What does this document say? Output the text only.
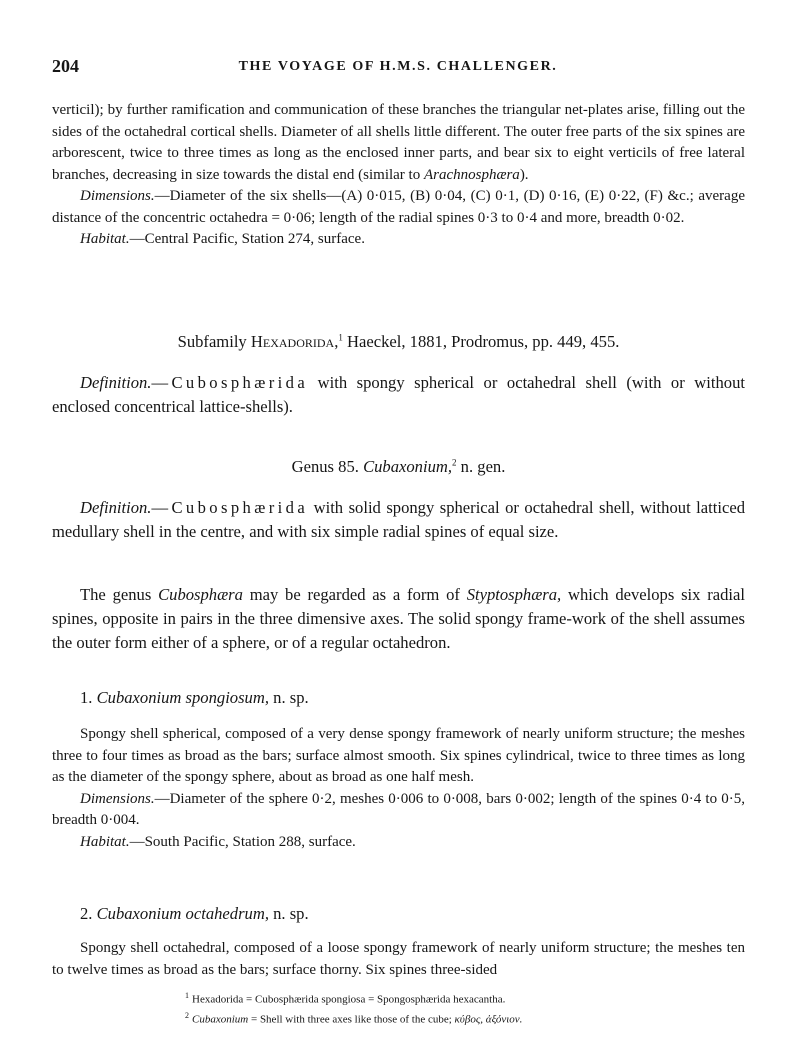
204	THE VOYAGE OF H.M.S. CHALLENGER.

verticil); by further ramification and communication of these branches the triangular net-plates arise, filling out the sides of the octahedral cortical shells. Diameter of all shells little different. The outer free parts of the six spines are arborescent, twice to three times as long as the enclosed inner parts, and bear six to eight verticils of free lateral branches, decreasing in size towards the distal end (similar to Arachnosphæra).

Dimensions.—Diameter of the six shells—(A) 0·015, (B) 0·04, (C) 0·1, (D) 0·16, (E) 0·22, (F) &c.; average distance of the concentric octahedra = 0·06; length of the radial spines 0·3 to 0·4 and more, breadth 0·02.

Habitat.—Central Pacific, Station 274, surface.

Subfamily Hexadorida,$^1$ Haeckel, 1881, Prodromus, pp. 449, 455.

Definition.—Cubosphærida with spongy spherical or octahedral shell (with or without enclosed concentrical lattice-shells).

Genus 85. Cubaxonium,$^2$ n. gen.

Definition.—Cubosphærida with solid spongy spherical or octahedral shell, without latticed medullary shell in the centre, and with six simple radial spines of equal size.

The genus Cubosphæra may be regarded as a form of Styptosphæra, which develops six radial spines, opposite in pairs in the three dimensive axes. The solid spongy frame-work of the shell assumes the outer form either of a sphere, or of a regular octahedron.

1. Cubaxonium spongiosum, n. sp.

Spongy shell spherical, composed of a very dense spongy framework of nearly uniform structure; the meshes three to four times as broad as the bars; surface almost smooth. Six spines cylindrical, twice to three times as long as the diameter of the spongy sphere, about as broad as one half mesh.

Dimensions.—Diameter of the sphere 0·2, meshes 0·006 to 0·008, bars 0·002; length of the spines 0·4 to 0·5, breadth 0·004.

Habitat.—South Pacific, Station 288, surface.

2. Cubaxonium octahedrum, n. sp.

Spongy shell octahedral, composed of a loose spongy framework of nearly uniform structure; the meshes ten to twelve times as broad as the bars; surface thorny. Six spines three-sided

$^1$ Hexadorida = Cubosphærida spongiosa = Spongosphærida hexacantha.

$^2$ Cubaxonium = Shell with three axes like those of the cube; κύβος, ἀξόνιον.
